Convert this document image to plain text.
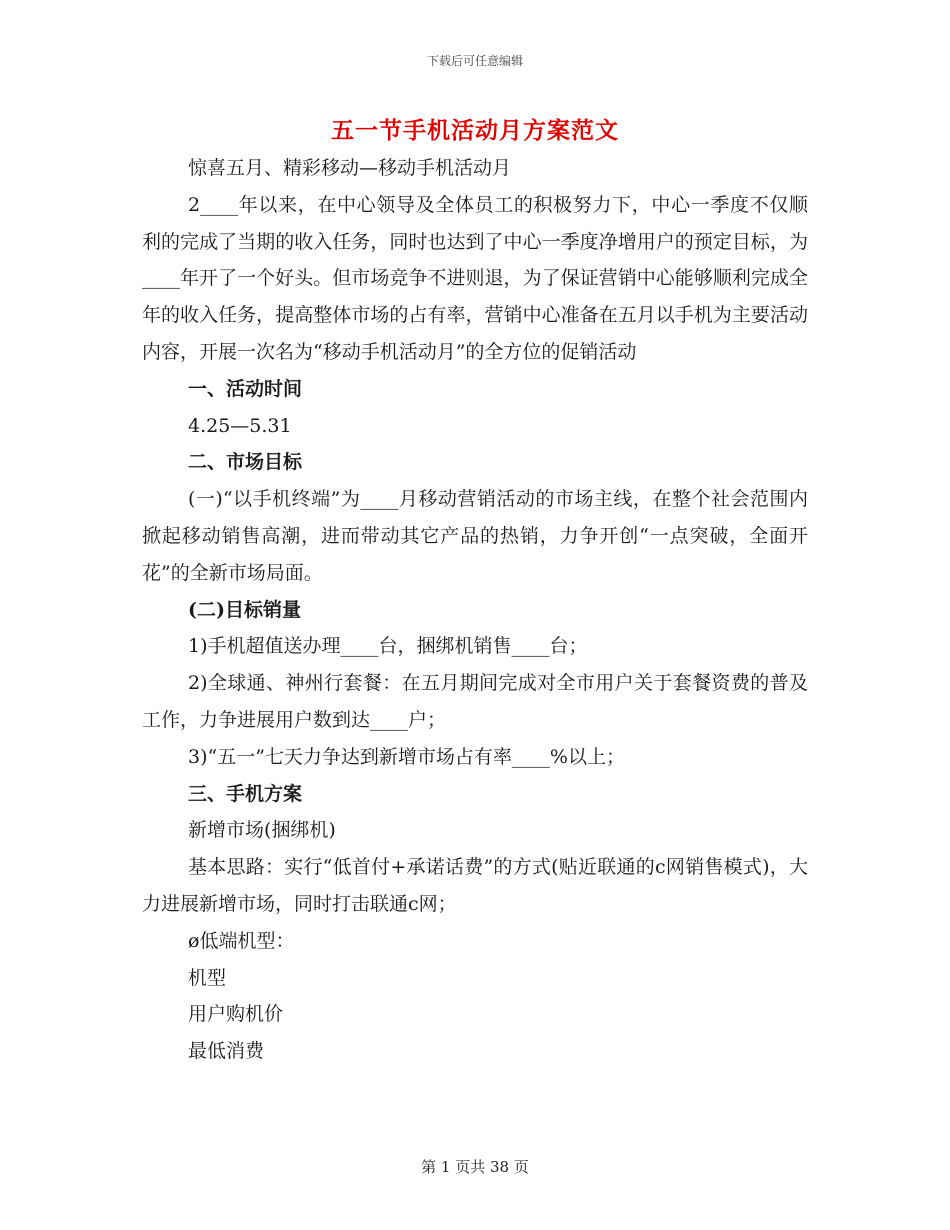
下载后可任意编辑
五一节手机活动月方案范文

惊喜五月、精彩移动—移动手机活动月

2____年以来，在中心领导及全体员工的积极努力下，中心一季度不仅顺利的完成了当期的收入任务，同时也达到了中心一季度净增用户的预定目标，为____年开了一个好头。但市场竞争不进则退，为了保证营销中心能够顺利完成全年的收入任务，提高整体市场的占有率，营销中心准备在五月以手机为主要活动内容，开展一次名为“移动手机活动月”的全方位的促销活动

一、活动时间

4.25—5.31

二、市场目标

(一)“以手机终端”为____月移动营销活动的市场主线，在整个社会范围内掀起移动销售高潮，进而带动其它产品的热销，力争开创“一点突破，全面开花”的全新市场局面。

(二)目标销量

1)手机超值送办理____台，捆绑机销售____台；

2)全球通、神州行套餐：在五月期间完成对全市用户关于套餐资费的普及工作，力争进展用户数到达____户；

3)“五一”七天力争达到新增市场占有率____%以上；

三、手机方案

新增市场(捆绑机)

基本思路：实行“低首付+承诺话费”的方式(贴近联通的c网销售模式)，大力进展新增市场，同时打击联通c网；

ø低端机型：

机型

用户购机价

最低消费

第 1 页共 38 页
